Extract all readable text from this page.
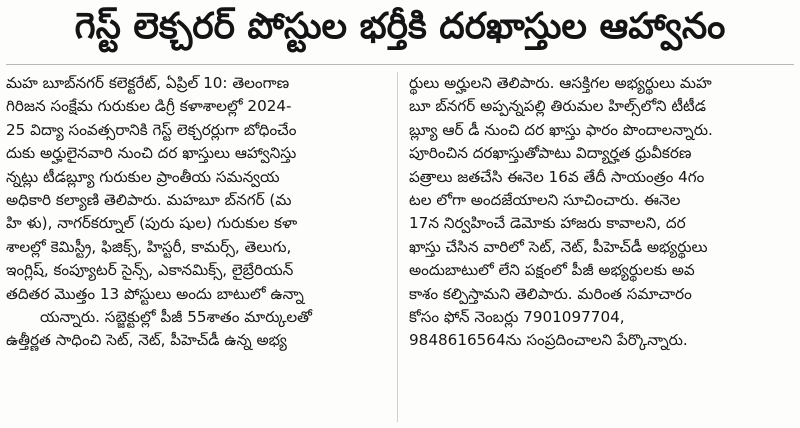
గెస్ట్ లెక్చరర్ పోస్టుల భర్తీకి దరఖాస్తుల ఆహ్వానం
మహ బూబ్‌నగర్ కలెక్టరేట్, ఏప్రిల్ 10: తెలంగాణ
గిరిజన సంక్షేమ గురుకుల డిగ్రీ కళాశాలల్లో 2024-
25 విద్యా సంవత్సరానికి గెస్ట్ లెక్చరర్లుగా బోధించేం
దుకు అర్హులైనవారి నుంచి దర ఖాస్తులు ఆహ్వానిస్తు
న్నట్లు టీడబ్ల్యూ గురుకుల ప్రాంతీయ సమన్వయ
అధికారి కల్యాణి తెలిపారు. మహబూ బ్‌నగర్ (మ
హి ళు), నాగర్‌కర్నూల్ (పురు షుల) గురుకుల కళా
శాలల్లో కెమిస్ట్రీ, ఫిజిక్స్, హిస్టరీ, కామర్స్, తెలుగు,
ఇంగ్లిష్, కంప్యూటర్ సైన్స్, ఎకానమిక్స్, లైబ్రేరియన్
తదితర మొత్తం 13 పోస్టులు అందు బాటులో ఉన్నా
యన్నారు. సబ్జెక్టుల్లో పీజీ 55శాతం మార్కులతో
ఉత్తీర్ణత సాధించి సెట్, నెట్, పీహెచ్‌డీ ఉన్న అభ్య
ర్థులు అర్హులని తెలిపారు. ఆసక్తిగల అభ్యర్థులు మహ
బూ బ్‌నగర్ అప్పన్నపల్లి తిరుమల హిల్స్‌లోని టీటీడ
బ్ల్యూ ఆర్ డీ నుంచి దర ఖాస్తు ఫారం పొందాలన్నారు.
పూరించిన దరఖాస్తుతోపాటు విద్యార్హత ధ్రువీకరణ
పత్రాలు జతచేసి ఈనెల 16వ తేదీ సాయంత్రం 4గం
టల లోగా అందజేయాలని సూచించారు. ఈనెల
17న నిర్వహించే డెమోకు హాజరు కావాలని, దర
ఖాస్తు చేసిన వారిలో సెట్, నెట్, పీహెచ్‌డీ అభ్యర్థులు
అందుబాటులో లేని పక్షంలో పీజీ అభ్యర్థులకు అవ
కాశం కల్పిస్తామని తెలిపారు. మరింత సమాచారం
కోసం ఫోన్ నెంబర్లు 7901097704,
9848616564ను సంప్రదించాలని పేర్కొన్నారు.
